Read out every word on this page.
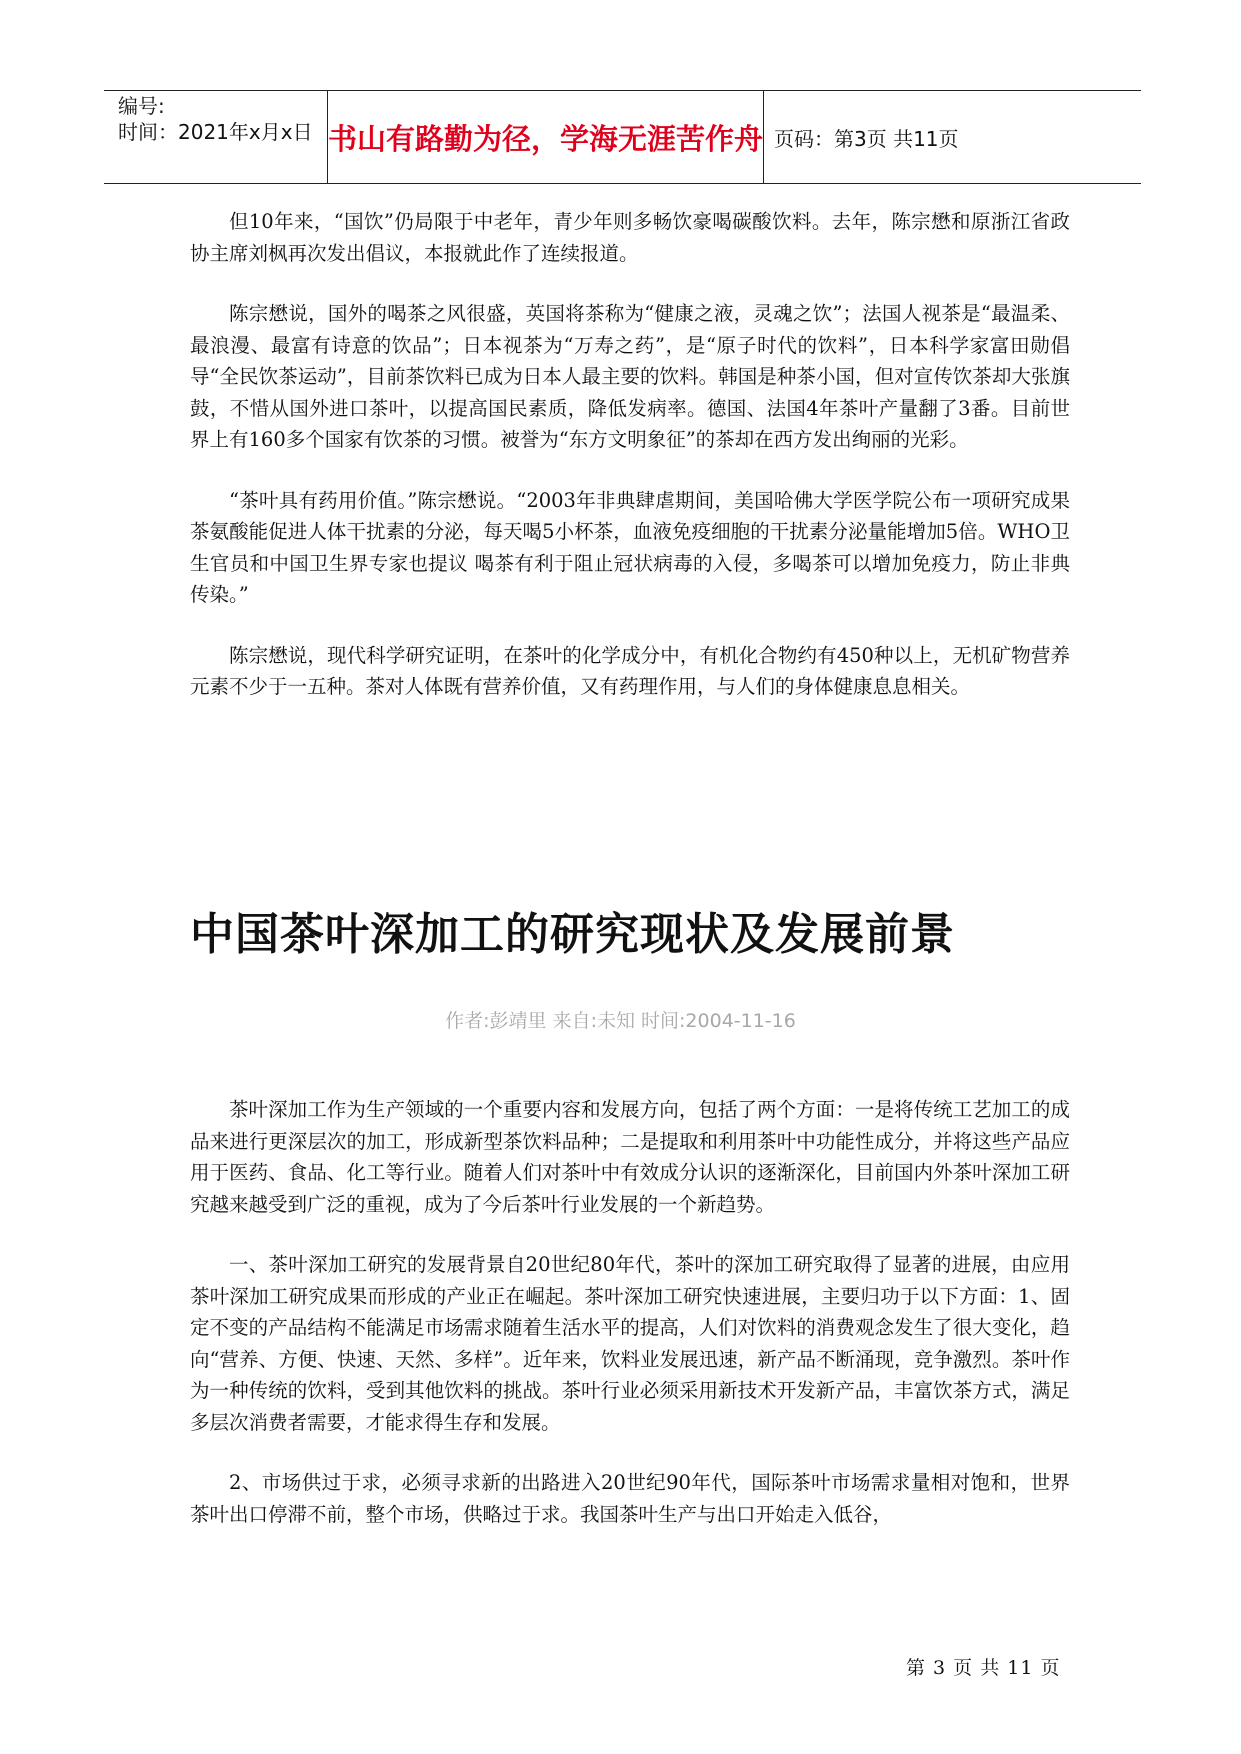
编号:
时间：2021年x月x日 书山有路勤为径，学海无涯苦作舟 页码：第3页 共11页

但10年来，“国饮”仍局限于中老年，青少年则多畅饮豪喝碳酸饮料。去年，陈宗懋和原浙江省政协主席刘枫再次发出倡议，本报就此作了连续报道。

陈宗懋说，国外的喝茶之风很盛，英国将茶称为“健康之液，灵魂之饮”；法国人视茶是“最温柔、最浪漫、最富有诗意的饮品”；日本视茶为“万寿之药”，是“原子时代的饮料”，日本科学家富田勋倡导“全民饮茶运动”，目前茶饮料已成为日本人最主要的饮料。韩国是种茶小国，但对宣传饮茶却大张旗鼓，不惜从国外进口茶叶，以提高国民素质，降低发病率。德国、法国4年茶叶产量翻了3番。目前世界上有160多个国家有饮茶的习惯。被誉为“东方文明象征”的茶却在西方发出绚丽的光彩。

“茶叶具有药用价值。”陈宗懋说。“2003年非典肆虐期间，美国哈佛大学医学院公布一项研究成果 茶氨酸能促进人体干扰素的分泌，每天喝5小杯茶，血液免疫细胞的干扰素分泌量能增加5倍。WHO卫生官员和中国卫生界专家也提议 喝茶有利于阻止冠状病毒的入侵，多喝茶可以增加免疫力，防止非典传染。”

陈宗懋说，现代科学研究证明，在茶叶的化学成分中，有机化合物约有450种以上，无机矿物营养元素不少于一五种。茶对人体既有营养价值，又有药理作用，与人们的身体健康息息相关。

中国茶叶深加工的研究现状及发展前景
作者:彭靖里 来自:未知 时间:2004-11-16

茶叶深加工作为生产领域的一个重要内容和发展方向，包括了两个方面：一是将传统工艺加工的成品来进行更深层次的加工，形成新型茶饮料品种；二是提取和利用茶叶中功能性成分，并将这些产品应用于医药、食品、化工等行业。随着人们对茶叶中有效成分认识的逐渐深化，目前国内外茶叶深加工研究越来越受到广泛的重视，成为了今后茶叶行业发展的一个新趋势。

一、茶叶深加工研究的发展背景自20世纪80年代，茶叶的深加工研究取得了显著的进展，由应用茶叶深加工研究成果而形成的产业正在崛起。茶叶深加工研究快速进展，主要归功于以下方面：1、固定不变的产品结构不能满足市场需求随着生活水平的提高，人们对饮料的消费观念发生了很大变化，趋向“营养、方便、快速、天然、多样”。近年来，饮料业发展迅速，新产品不断涌现，竞争激烈。茶叶作为一种传统的饮料，受到其他饮料的挑战。茶叶行业必须采用新技术开发新产品，丰富饮茶方式，满足多层次消费者需要，才能求得生存和发展。

2、市场供过于求，必须寻求新的出路进入20世纪90年代，国际茶叶市场需求量相对饱和，世界茶叶出口停滞不前，整个市场，供略过于求。我国茶叶生产与出口开始走入低谷，

第 3 页 共 11 页
